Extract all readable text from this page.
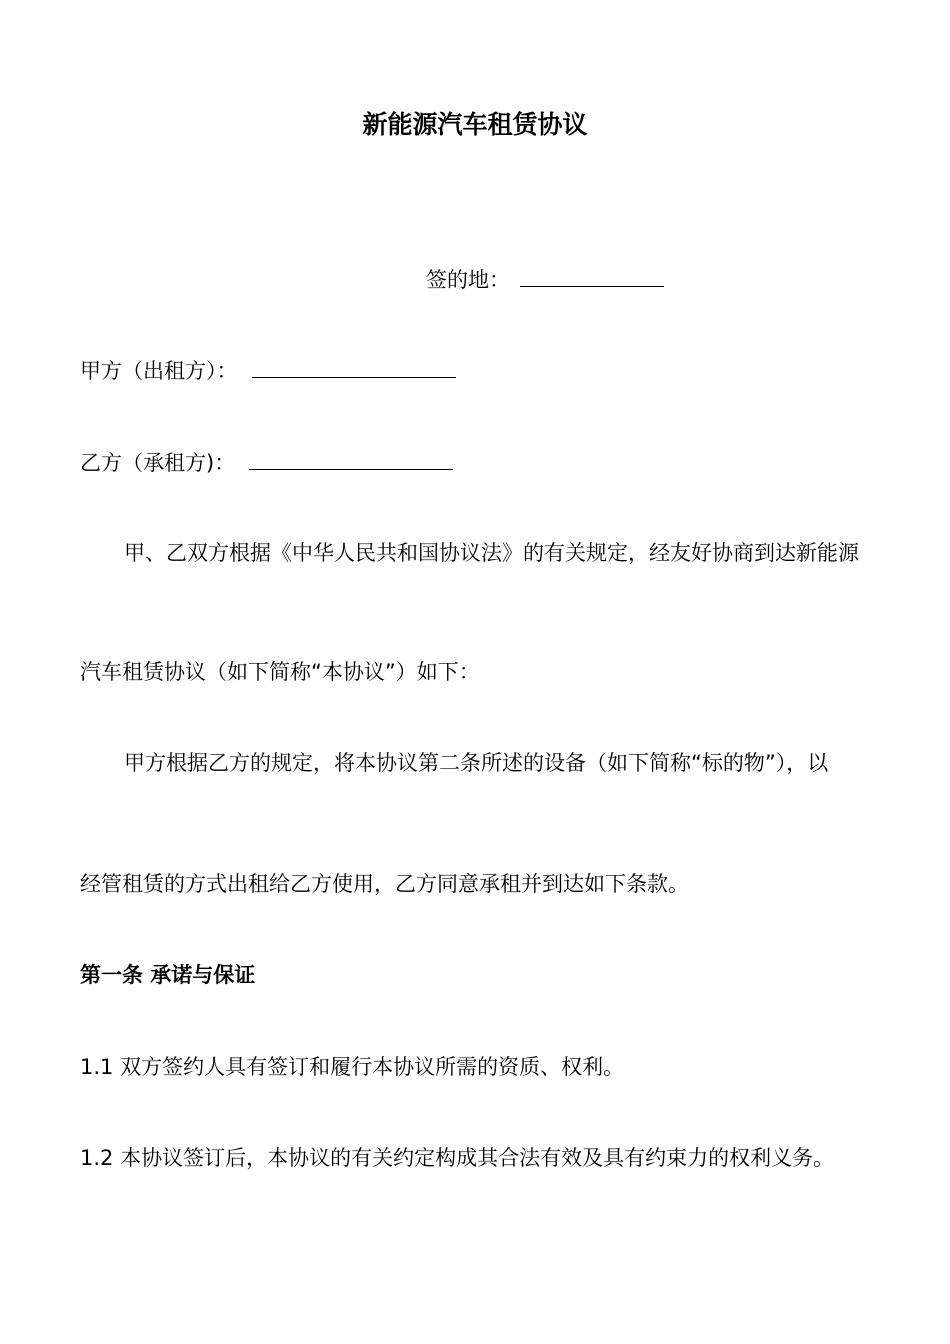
新能源汽车租赁协议
签的地：
甲方（出租方）：
乙方（承租方)：
甲、乙双方根据《中华人民共和国协议法》的有关规定，经友好协商到达新能源
汽车租赁协议（如下简称“本协议”）如下：
甲方根据乙方的规定，将本协议第二条所述的设备（如下简称“标的物”），以
经管租赁的方式出租给乙方使用，乙方同意承租并到达如下条款。
第一条 承诺与保证
1.1 双方签约人具有签订和履行本协议所需的资质、权利。
1.2 本协议签订后，本协议的有关约定构成其合法有效及具有约束力的权利义务。
